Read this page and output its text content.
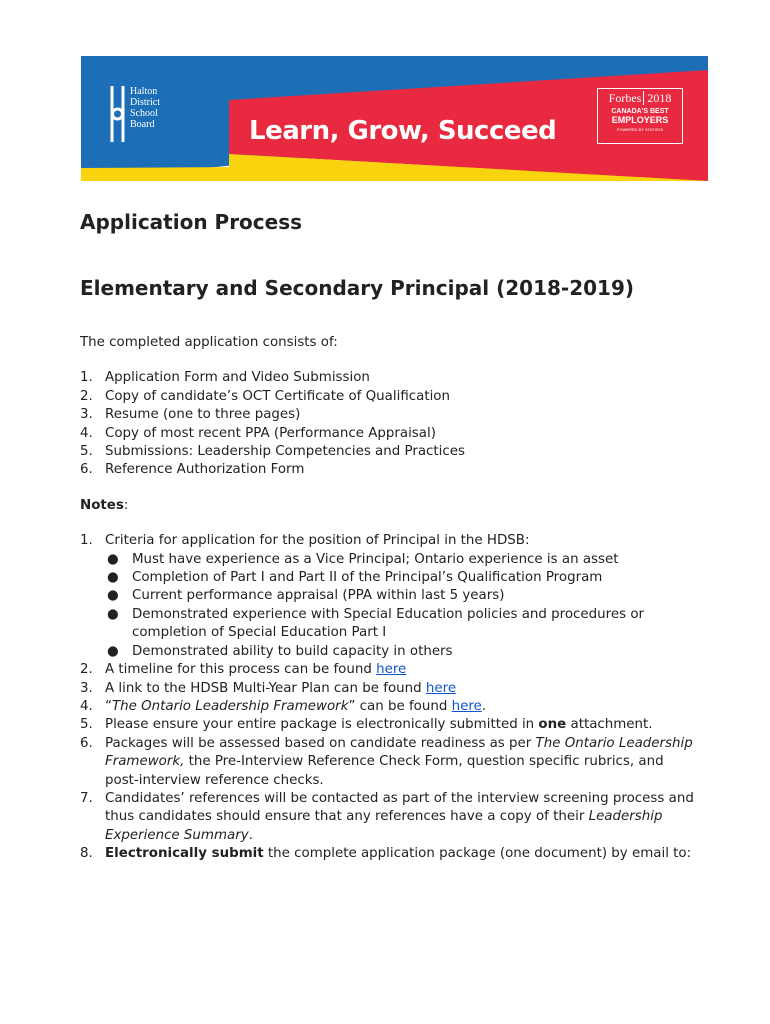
Halton
District
School
Board	Learn, Grow, Succeed
Forbes 2018
CANADA'S BEST
EMPLOYERS
POWERED BY STATISTA
Application Process
Elementary and Secondary Principal (2018-2019)

The completed application consists of:

1. Application Form and Video Submission
2. Copy of candidate’s OCT Certificate of Qualification
3. Resume (one to three pages)
4. Copy of most recent PPA (Performance Appraisal)
5. Submissions: Leadership Competencies and Practices
6. Reference Authorization Form

Notes:

1. Criteria for application for the position of Principal in the HDSB:
● Must have experience as a Vice Principal; Ontario experience is an asset
● Completion of Part I and Part II of the Principal’s Qualification Program
● Current performance appraisal (PPA within last 5 years)
● Demonstrated experience with Special Education policies and procedures or completion of Special Education Part I
● Demonstrated ability to build capacity in others
2. A timeline for this process can be found here
3. A link to the HDSB Multi-Year Plan can be found here
4. “The Ontario Leadership Framework” can be found here.
5. Please ensure your entire package is electronically submitted in one attachment.
6. Packages will be assessed based on candidate readiness as per The Ontario Leadership Framework, the Pre-Interview Reference Check Form, question specific rubrics, and post-interview reference checks.
7. Candidates’ references will be contacted as part of the interview screening process and thus candidates should ensure that any references have a copy of their Leadership Experience Summary.
8. Electronically submit the complete application package (one document) by email to:
